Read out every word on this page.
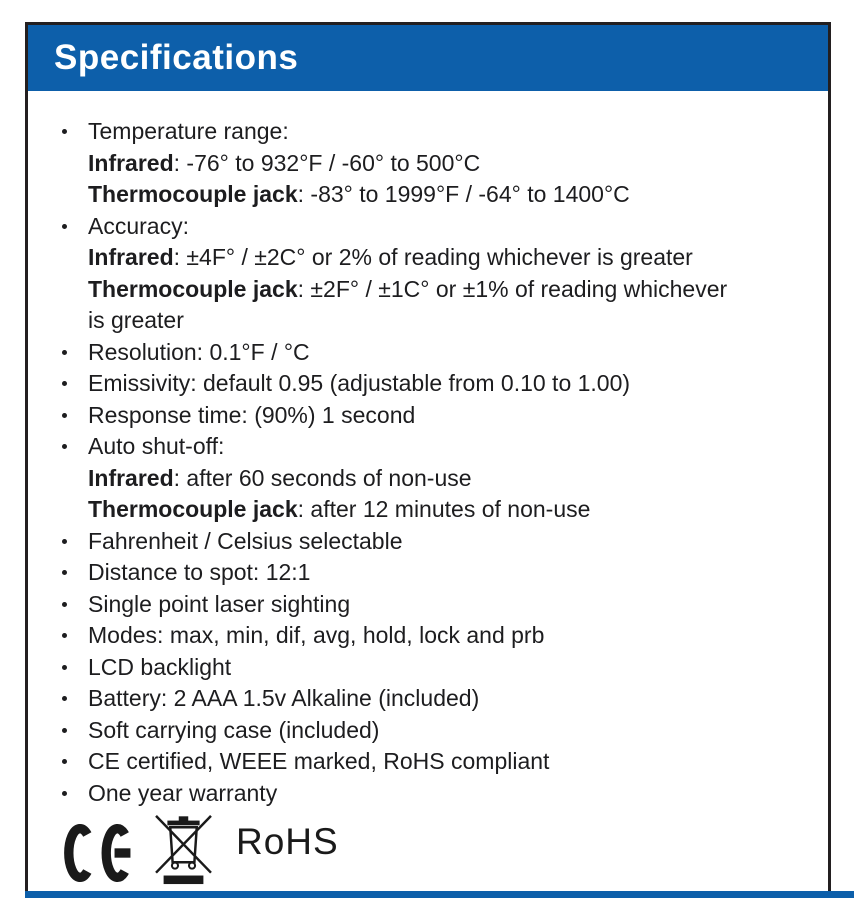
Specifications
Temperature range:
Infrared: -76° to 932°F / -60° to 500°C
Thermocouple jack: -83° to 1999°F / -64° to 1400°C
Accuracy:
Infrared: ±4F° / ±2C° or 2% of reading whichever is greater
Thermocouple jack: ±2F° / ±1C° or ±1% of reading whichever
is greater
Resolution: 0.1°F / °C
Emissivity: default 0.95 (adjustable from 0.10 to 1.00)
Response time: (90%) 1 second
Auto shut-off:
Infrared: after 60 seconds of non-use
Thermocouple jack: after 12 minutes of non-use
Fahrenheit / Celsius selectable
Distance to spot: 12:1
Single point laser sighting
Modes: max, min, dif, avg, hold, lock and prb
LCD backlight
Battery: 2 AAA 1.5v Alkaline (included)
Soft carrying case (included)
CE certified, WEEE marked, RoHS compliant
One year warranty
RoHS
